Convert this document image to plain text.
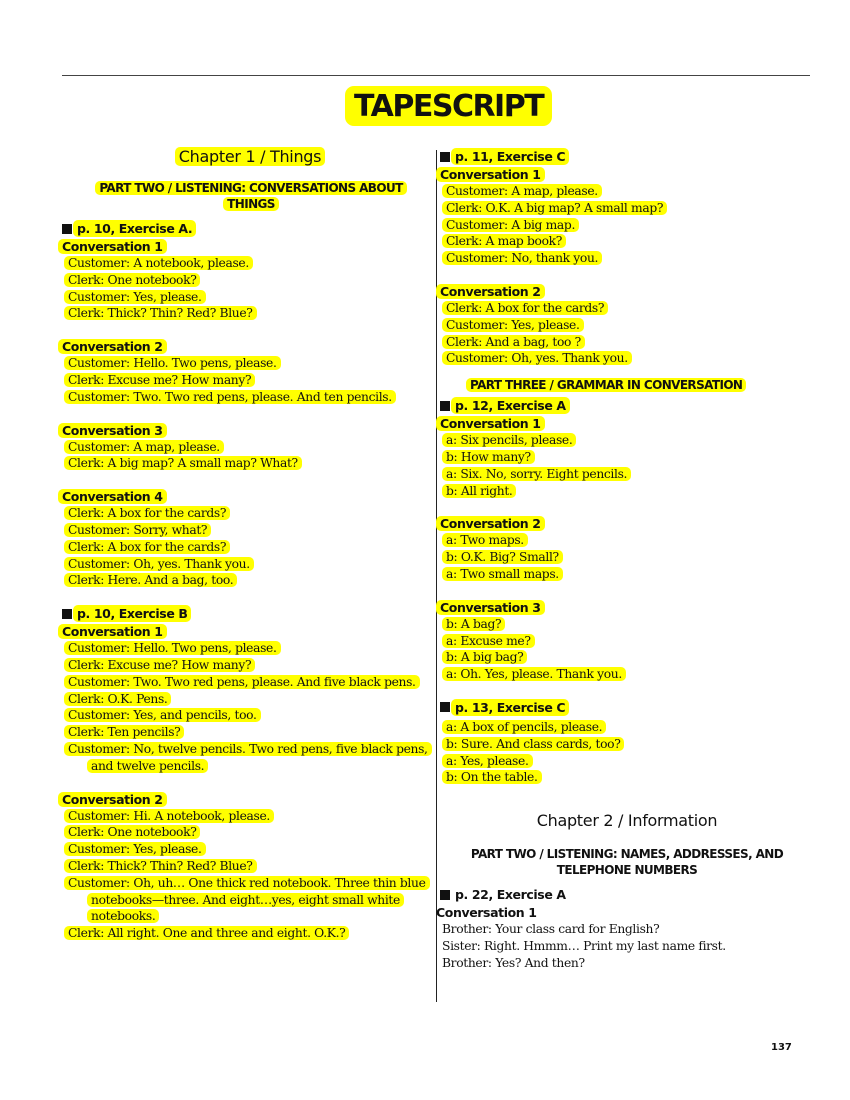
TAPESCRIPT
Chapter 1 / Things
PART TWO / LISTENING: CONVERSATIONS ABOUT THINGS
p. 10, Exercise A.
Conversation 1
Customer: A notebook, please.
Clerk: One notebook?
Customer: Yes, please.
Clerk: Thick? Thin? Red? Blue?
Conversation 2
Customer: Hello. Two pens, please.
Clerk: Excuse me? How many?
Customer: Two. Two red pens, please. And ten pencils.
Conversation 3
Customer: A map, please.
Clerk: A big map? A small map? What?
Conversation 4
Clerk: A box for the cards?
Customer: Sorry, what?
Clerk: A box for the cards?
Customer: Oh, yes. Thank you.
Clerk: Here. And a bag, too.
p. 10, Exercise B
Conversation 1
Customer: Hello. Two pens, please.
Clerk: Excuse me? How many?
Customer: Two. Two red pens, please. And five black pens.
Clerk: O.K. Pens.
Customer: Yes, and pencils, too.
Clerk: Ten pencils?
Customer: No, twelve pencils. Two red pens, five black pens, and twelve pencils.
Conversation 2
Customer: Hi. A notebook, please.
Clerk: One notebook?
Customer: Yes, please.
Clerk: Thick? Thin? Red? Blue?
Customer: Oh, uh… One thick red notebook. Three thin blue notebooks—three. And eight…yes, eight small white notebooks.
Clerk: All right. One and three and eight. O.K.?
p. 11, Exercise C
Conversation 1
Customer: A map, please.
Clerk: O.K. A big map? A small map?
Customer: A big map.
Clerk: A map book?
Customer: No, thank you.
Conversation 2
Clerk: A box for the cards?
Customer: Yes, please.
Clerk: And a bag, too ?
Customer: Oh, yes. Thank you.
PART THREE / GRAMMAR IN CONVERSATION
p. 12, Exercise A
Conversation 1
a: Six pencils, please.
b: How many?
a: Six. No, sorry. Eight pencils.
b: All right.
Conversation 2
a: Two maps.
b: O.K. Big? Small?
a: Two small maps.
Conversation 3
b: A bag?
a: Excuse me?
b: A big bag?
a: Oh. Yes, please. Thank you.
p. 13, Exercise C
a: A box of pencils, please.
b: Sure. And class cards, too?
a: Yes, please.
b: On the table.
Chapter 2 / Information
PART TWO / LISTENING: NAMES, ADDRESSES, AND TELEPHONE NUMBERS
p. 22, Exercise A
Conversation 1
Brother: Your class card for English?
Sister: Right. Hmmm… Print my last name first.
Brother: Yes? And then?
137
